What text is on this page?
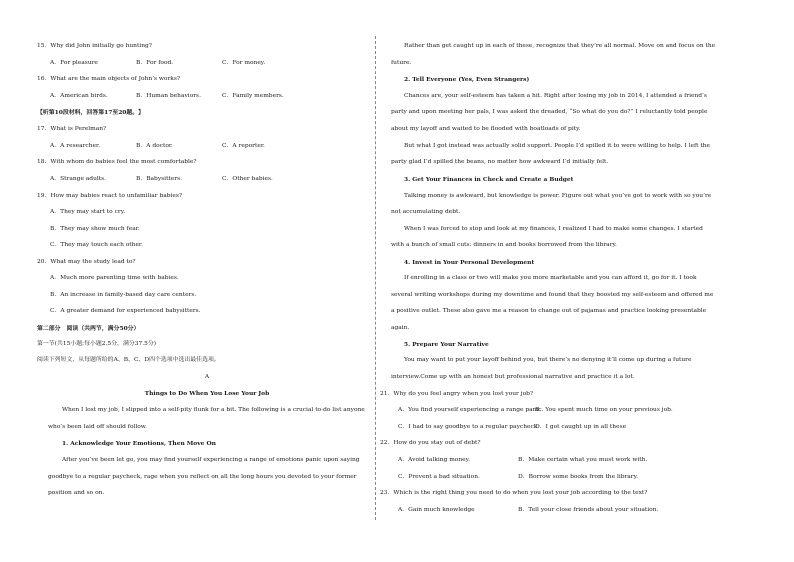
15．Why did John initially go hunting?
A．For pleasure	B．For food.	C．For money.
16．What are the main objects of John’s works?
A．American birds.	B．Human behaviors.	C．Family members.
【听第10段材料，回答第17至20题。】
17．What is Perelman?
A．A researcher.	B．A doctor.	C．A reporter.
18．With whom do babies feel the most comfortable?
A．Strange adults.	B．Babysitters.	C．Other babies.
19．How may babies react to unfamiliar babies?
A．They may start to cry.
B．They may show much fear.
C．They may touch each other.
20．What may the study lead to?
A．Much more parenting time with babies.
B．An increase in family-based day care centers.
C．A greater demand for experienced babysitters.
第二部分　阅读（共两节，满分50分）
第一节(共15小题;每小题2.5分，满分37.5分)
阅读下列短文，从每题所给的A、B、C、D四个选项中选出最佳选项。
A
Things to Do When You Lose Your Job
When I lost my job, I slipped into a self-pity flunk for a bit. The following is a crucial to-do list anyone
who’s been laid off should follow.
1. Acknowledge Your Emotions, Then Move On
After you’ve been let go, you may find yourself experiencing a range of emotions panic upon saying
goodbye to a regular paycheck, rage when you reflect on all the long hours you devoted to your former
position and so on.
Rather than get caught up in each of these, recognize that they’re all normal. Move on and focus on the
future.
2. Tell Everyone (Yes, Even Strangers)
Chances are, your self-esteem has taken a hit. Right after losing my job in 2014, I attended a friend’s
party and upon meeting her pals, I was asked the dreaded, “So what do you do?” I reluctantly told people
about my layoff and waited to be flooded with boatloads of pity.
But what I got instead was actually solid support. People I’d spilled it to were willing to help. I left the
party glad I’d spilled the beans, no matter how awkward I’d initially felt.
3. Get Your Finances in Check and Create a Budget
Talking money is awkward, but knowledge is power. Figure out what you’ve got to work with so you’re
not accumulating debt.
When I was forced to stop and look at my finances, I realized I had to make some changes. I started
with a bunch of small cuts: dinners in and books borrowed from the library.
4. Invest in Your Personal Development
If enrolling in a class or two will make you more marketable and you can afford it, go for it. I took
several writing workshops during my downtime and found that they boosted my self-esteem and offered me
a positive outlet. These also gave me a reason to change out of pajamas and practice looking presentable
again.
5. Prepare Your Narrative
You may want to put your layoff behind you, but there’s no denying it’ll come up during a future
interview.Come up with an honest but professional narrative and practice it a lot.
21．Why do you feel angry when you lost your job?
A．You find yourself experiencing a range panic.
B．You spent much time on your previous job.
C．I had to say goodbye to a regular paycheck
D．I got caught up in all these
22．How do you stay out of debt?
A．Avoid talking money.	B．Make certain what you must work with.
C．Prevent a bad situation.	D．Borrow some books from the library.
23．Which is the right thing you need to do when you lost your job according to the text?
A．Gain much knowledge	B．Tell your close friends about your situation.
